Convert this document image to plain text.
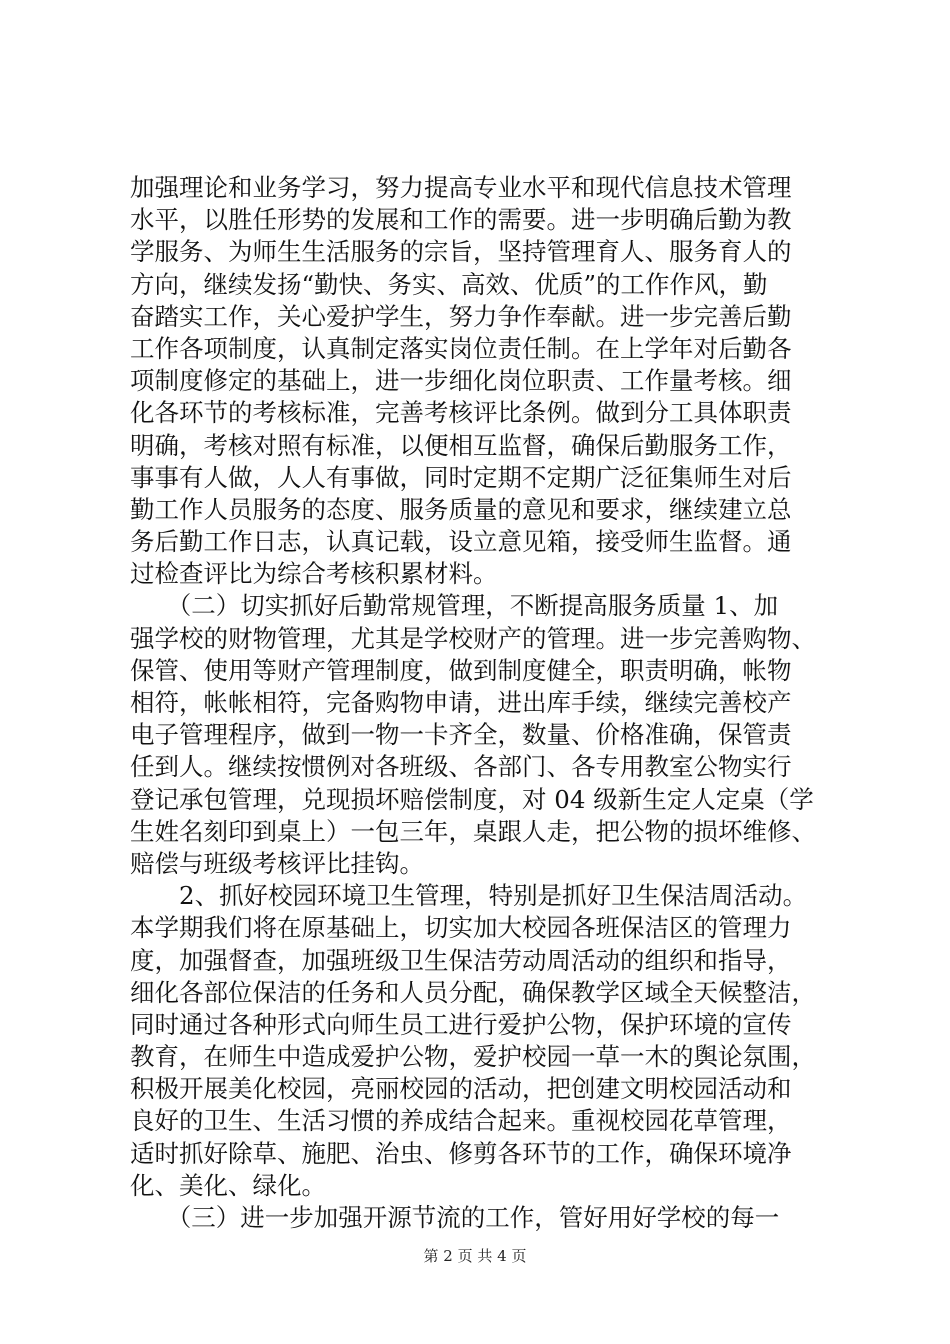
加强理论和业务学习，努力提高专业水平和现代信息技术管理
水平，以胜任形势的发展和工作的需要。进一步明确后勤为教
学服务、为师生生活服务的宗旨，坚持管理育人、服务育人的
方向，继续发扬“勤快、务实、高效、优质”的工作作风，勤
奋踏实工作，关心爱护学生，努力争作奉献。进一步完善后勤
工作各项制度，认真制定落实岗位责任制。在上学年对后勤各
项制度修定的基础上，进一步细化岗位职责、工作量考核。细
化各环节的考核标准，完善考核评比条例。做到分工具体职责
明确，考核对照有标准，以便相互监督，确保后勤服务工作，
事事有人做，人人有事做，同时定期不定期广泛征集师生对后
勤工作人员服务的态度、服务质量的意见和要求，继续建立总
务后勤工作日志，认真记载，设立意见箱，接受师生监督。通
过检查评比为综合考核积累材料。
　　（二）切实抓好后勤常规管理，不断提高服务质量 1、加
强学校的财物管理，尤其是学校财产的管理。进一步完善购物、
保管、使用等财产管理制度，做到制度健全，职责明确，帐物
相符，帐帐相符，完备购物申请，进出库手续，继续完善校产
电子管理程序，做到一物一卡齐全，数量、价格准确，保管责
任到人。继续按惯例对各班级、各部门、各专用教室公物实行
登记承包管理，兑现损坏赔偿制度，对 04 级新生定人定桌（学
生姓名刻印到桌上）一包三年，桌跟人走，把公物的损坏维修、
赔偿与班级考核评比挂钩。
　　2、抓好校园环境卫生管理，特别是抓好卫生保洁周活动。
本学期我们将在原基础上，切实加大校园各班保洁区的管理力
度，加强督查，加强班级卫生保洁劳动周活动的组织和指导，
细化各部位保洁的任务和人员分配，确保教学区域全天候整洁，
同时通过各种形式向师生员工进行爱护公物，保护环境的宣传
教育，在师生中造成爱护公物，爱护校园一草一木的舆论氛围，
积极开展美化校园，亮丽校园的活动，把创建文明校园活动和
良好的卫生、生活习惯的养成结合起来。重视校园花草管理，
适时抓好除草、施肥、治虫、修剪各环节的工作，确保环境净
化、美化、绿化。
　　（三）进一步加强开源节流的工作，管好用好学校的每一
第 2 页 共 4 页
